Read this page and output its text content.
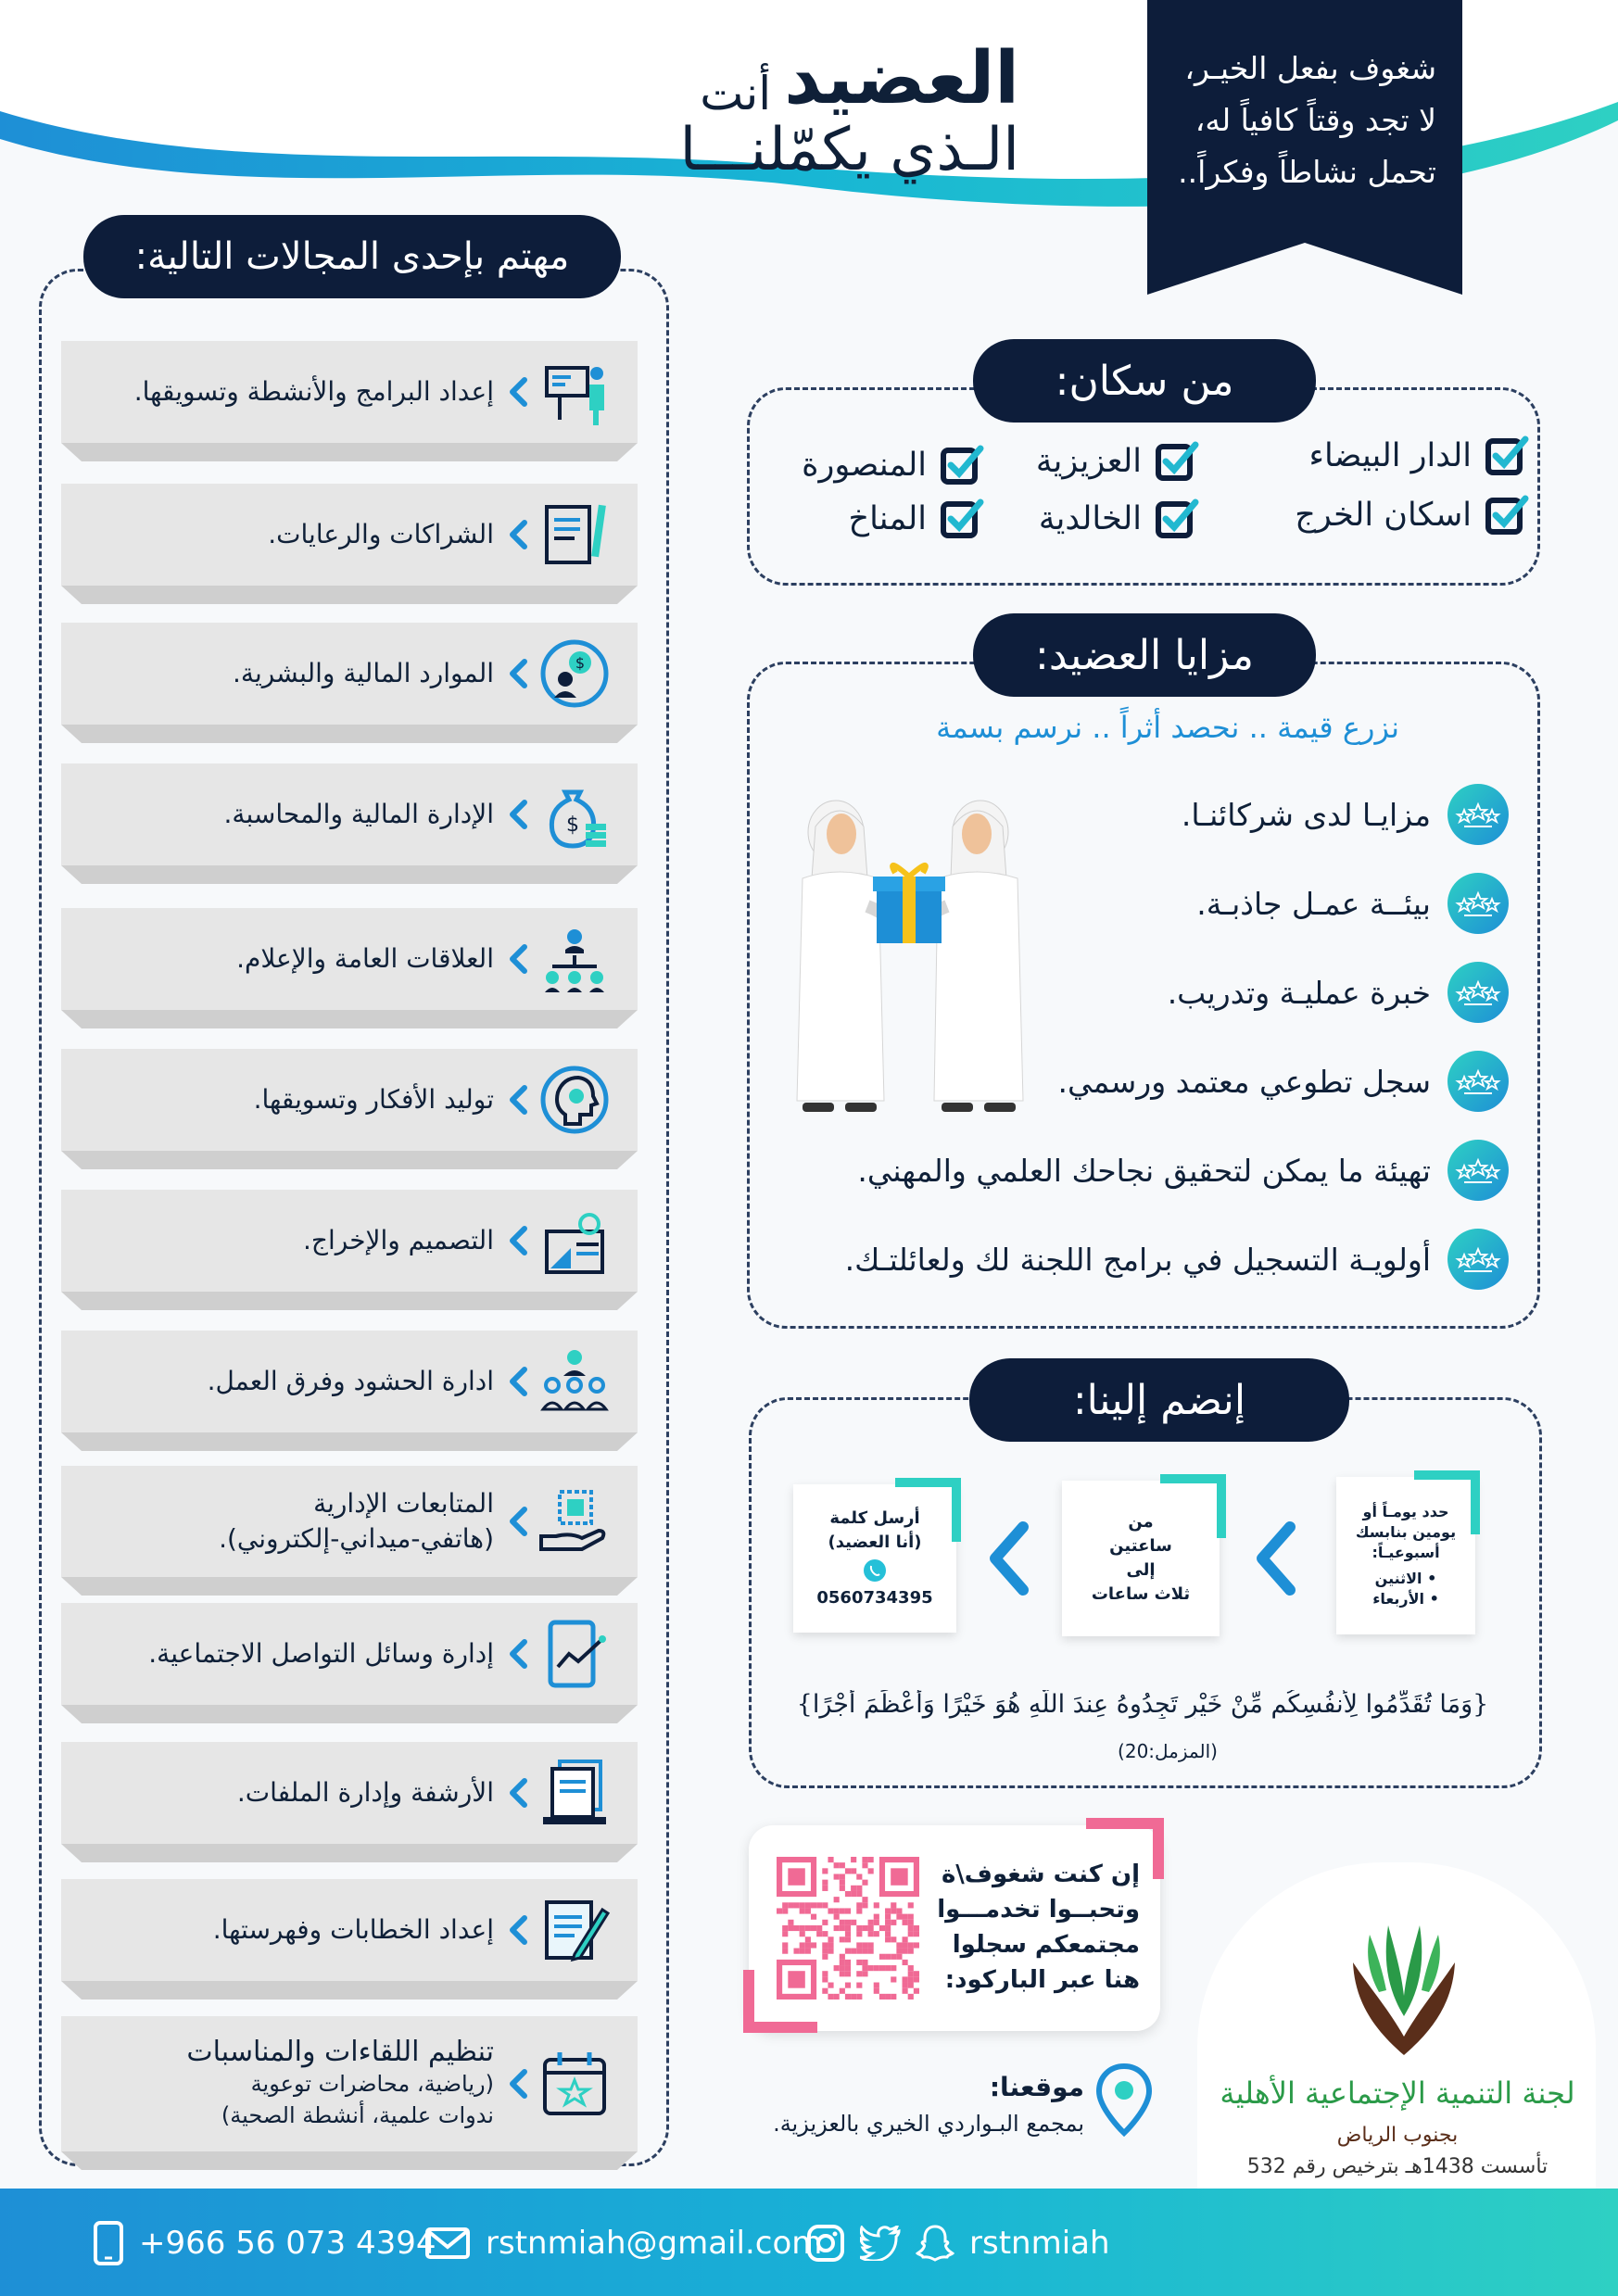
العضيد
أنت
الـذي يكمّلنـــا
شغوف بفعل الخيـر،
لا تجد وقتاً كافياً له،
تحمل نشاطاً وفكراً..
مهتم بإحدى المجالات التالية:
إعداد البرامج والأنشطة وتسويقها.
الشراكات والرعايات.
$
الموارد المالية والبشرية.
$
الإدارة المالية والمحاسبة.
العلاقات العامة والإعلام.
توليد الأفكار وتسويقها.
التصميم والإخراج.
ادارة الحشود وفرق العمل.
المتابعات الإدارية
(هاتفي-ميداني-إلكتروني).
إدارة وسائل التواصل الاجتماعية.
الأرشفة وإدارة الملفات.
إعداد الخطابات وفهرستها.
تنظيم اللقاءات والمناسبات
(رياضية، محاضرات توعوية
ندوات علمية، أنشطة الصحية)
من سكان:
الدار البيضاء
العزيزية
المنصورة
اسكان الخرج
الخالدية
المناخ
مزايا العضيد:
نزرع قيمة .. نحصد أثراً .. نرسم بسمة
مزايـا لدى شركائنـا.
بيئــة عمـل جاذبـة.
خبرة عمليـة وتدريب.
سجل تطوعي معتمد ورسمي.
تهيئة ما يمكن لتحقيق نجاحك العلمي والمهني.
أولويـة التسجيل في برامج اللجنة لك ولعائلتـك.
إنضم إلينا:
حدد يومـاً أو
يومين بنابسك
أسبوعيـاً:
• الاثنين
• الأربعاء
من
ساعتين
إلى
ثلاث ساعات
أرسل كلمة
(أنا العضيد)
0560734395
{وَمَا تُقَدِّمُوا لِأَنفُسِكُم مِّنْ خَيْرٍ تَجِدُوهُ عِندَ اللَّهِ هُوَ خَيْرًا وَأَعْظَمَ أَجْرًا}
(المزمل:20)
إن كنت شغوف\ة
وتحبــوا تخدمـــوا
مجتمعكم سجلوا
هنا عبر الباركود:
موقعنا:
بمجمع البـواردي الخيري بالعزيزية.
لجنة التنمية الإجتماعية الأهلية
بجنوب الرياض
تأسست 1438هـ بترخيص رقم 532
+966 56 073 4394 rstnmiah@gmail.com	rstnmiah
